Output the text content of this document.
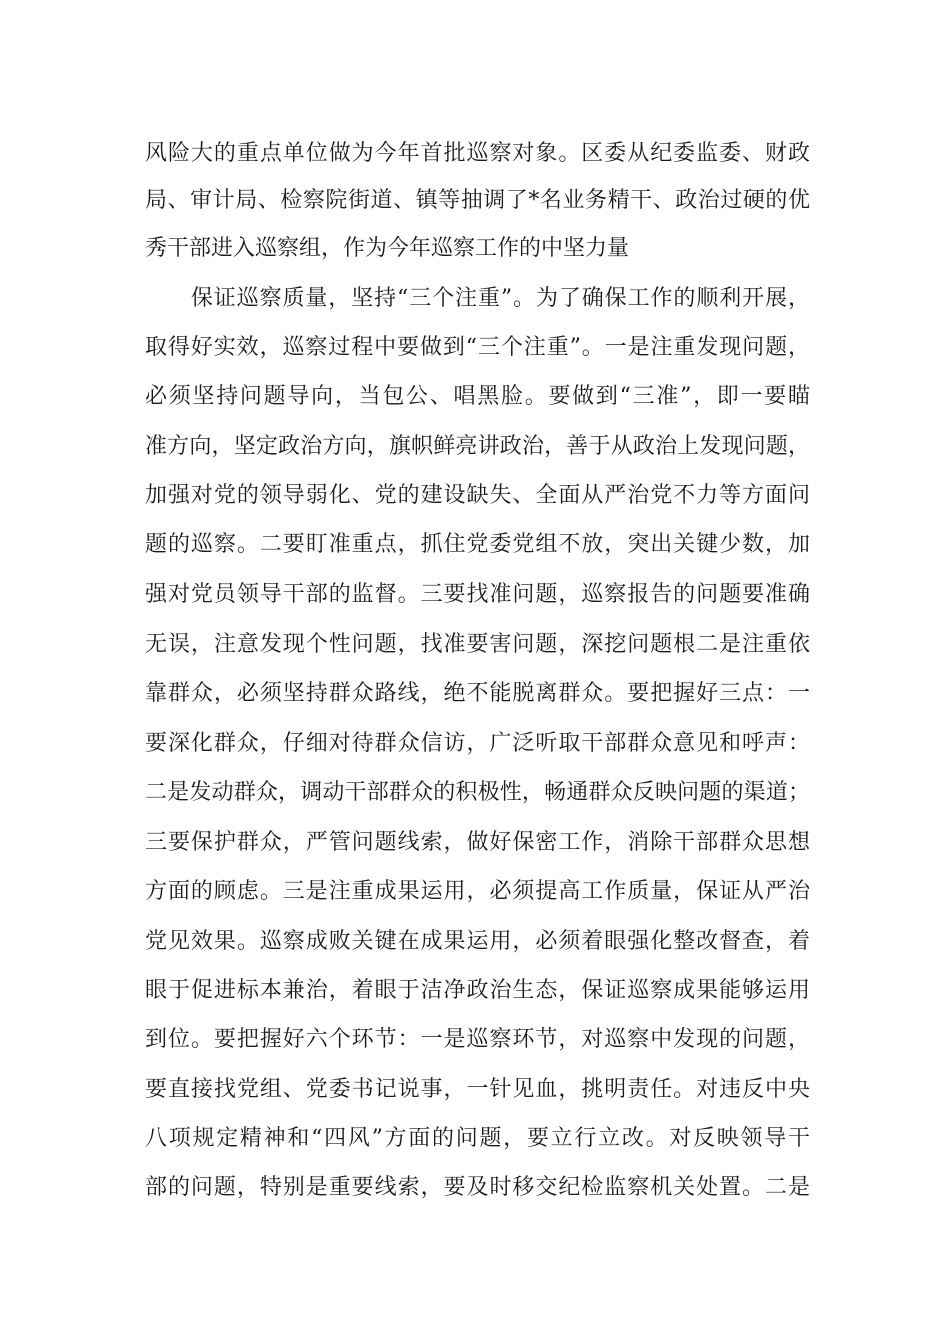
风险大的重点单位做为今年首批巡察对象。区委从纪委监委、财政
局、审计局、检察院街道、镇等抽调了*名业务精干、政治过硬的优
秀干部进入巡察组，作为今年巡察工作的中坚力量
　　保证巡察质量，坚持“三个注重”。为了确保工作的顺利开展，
取得好实效，巡察过程中要做到“三个注重”。一是注重发现问题，
必须坚持问题导向，当包公、唱黑脸。要做到“三准”，即一要瞄
准方向，坚定政治方向，旗帜鲜亮讲政治，善于从政治上发现问题，
加强对党的领导弱化、党的建设缺失、全面从严治党不力等方面问
题的巡察。二要盯准重点，抓住党委党组不放，突出关键少数，加
强对党员领导干部的监督。三要找准问题，巡察报告的问题要准确
无误，注意发现个性问题，找准要害问题，深挖问题根二是注重依
靠群众，必须坚持群众路线，绝不能脱离群众。要把握好三点：一
要深化群众，仔细对待群众信访，广泛听取干部群众意见和呼声：
二是发动群众，调动干部群众的积极性，畅通群众反映问题的渠道；
三要保护群众，严管问题线索，做好保密工作，消除干部群众思想
方面的顾虑。三是注重成果运用，必须提高工作质量，保证从严治
党见效果。巡察成败关键在成果运用，必须着眼强化整改督查，着
眼于促进标本兼治，着眼于洁净政治生态，保证巡察成果能够运用
到位。要把握好六个环节：一是巡察环节，对巡察中发现的问题，
要直接找党组、党委书记说事，一针见血，挑明责任。对违反中央
八项规定精神和“四风”方面的问题，要立行立改。对反映领导干
部的问题，特别是重要线索，要及时移交纪检监察机关处置。二是
